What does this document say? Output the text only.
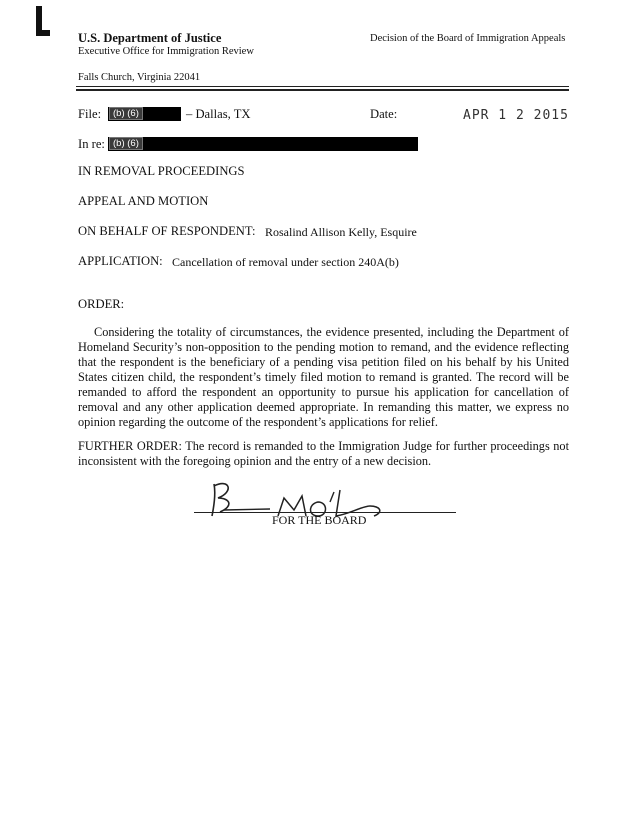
U.S. Department of Justice
Executive Office for Immigration Review
Decision of the Board of Immigration Appeals
Falls Church, Virginia 22041
File:	(b) (6)	– Dallas, TX	Date:	APR 1 2 2015
In re: (b) (6)
IN REMOVAL PROCEEDINGS
APPEAL AND MOTION
ON BEHALF OF RESPONDENT: Rosalind Allison Kelly, Esquire
APPLICATION: Cancellation of removal under section 240A(b)
ORDER:
Considering the totality of circumstances, the evidence presented, including the Department of Homeland Security’s non-opposition to the pending motion to remand, and the evidence reflecting that the respondent is the beneficiary of a pending visa petition filed on his behalf by his United States citizen child, the respondent’s timely filed motion to remand is granted. The record will be remanded to afford the respondent an opportunity to pursue his application for cancellation of removal and any other application deemed appropriate. In remanding this matter, we express no opinion regarding the outcome of the respondent’s applications for relief.
FURTHER ORDER: The record is remanded to the Immigration Judge for further proceedings not inconsistent with the foregoing opinion and the entry of a new decision.
FOR THE BOARD
